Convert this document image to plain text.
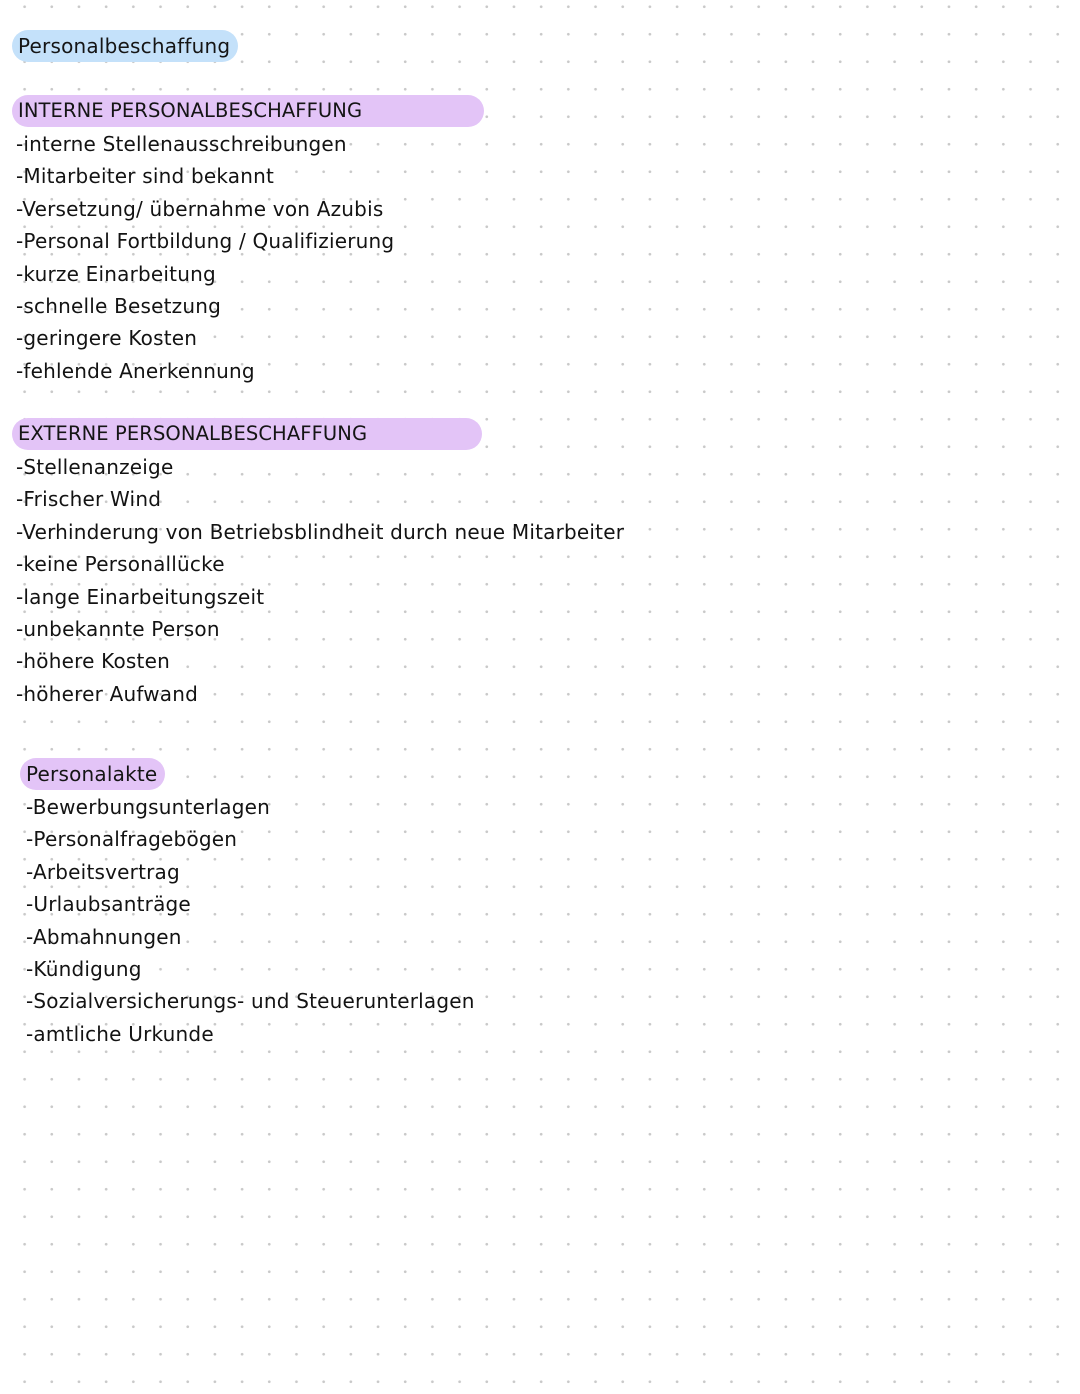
Personalbeschaffung
INTERNE PERSONALBESCHAFFUNG
-interne Stellenausschreibungen
-Mitarbeiter sind bekannt
-Versetzung/ übernahme von Azubis
-Personal Fortbildung / Qualifizierung
-kurze Einarbeitung
-schnelle Besetzung
-geringere Kosten
-fehlende Anerkennung
EXTERNE PERSONALBESCHAFFUNG
-Stellenanzeige
-Frischer Wind
-Verhinderung von Betriebsblindheit durch neue Mitarbeiter
-keine Personallücke
-lange Einarbeitungszeit
-unbekannte Person
-höhere Kosten
-höherer Aufwand
Personalakte
-Bewerbungsunterlagen
-Personalfragebögen
-Arbeitsvertrag
-Urlaubsanträge
-Abmahnungen
-Kündigung
-Sozialversicherungs- und Steuerunterlagen
-amtliche Urkunde
